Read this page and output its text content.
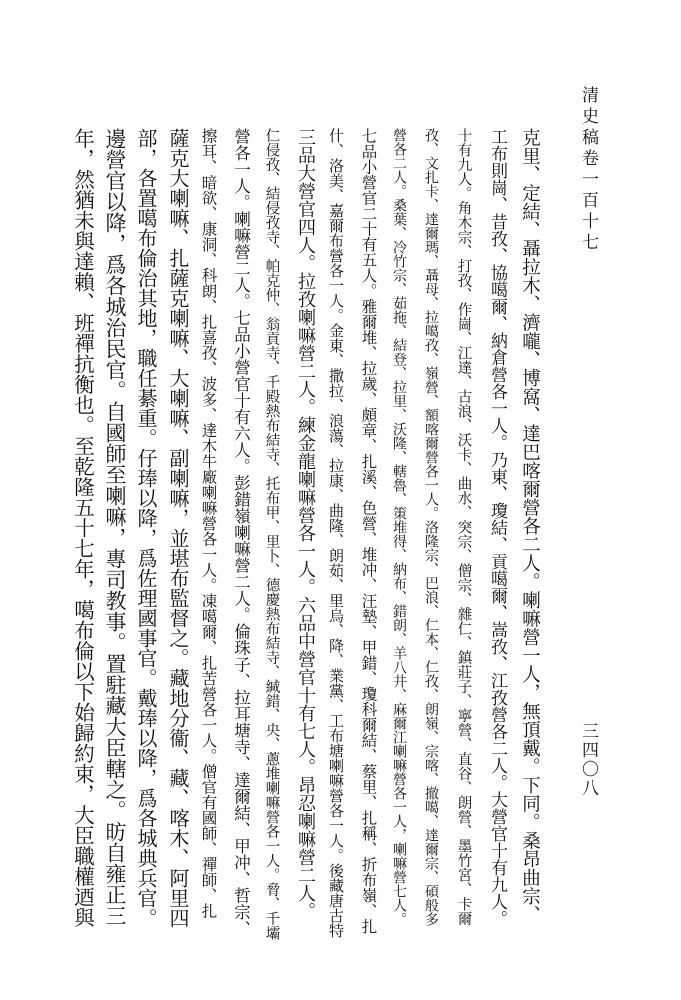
清史稿卷一百十七
三四〇八
克里、定結、聶拉木、濟嚨、博窩、達巴喀爾營各二人。喇嘛營一人，無頂戴。下同。桑昂曲宗、
工布則崗、昔孜、協噶爾、納倉營各一人。乃東、瓊結、貢噶爾、嵩孜、江孜營各二人。大營官十有九人。
十有九人。角木宗、打孜、作崗、江達、古浪、沃卡、曲水、突宗、僧宗、雜仁、鎮莊子、寧營、直谷、朗營、墨竹宮、卡爾
孜、文扎卡、達爾瑪、聶母、拉噶孜、嶺營、額喀爾營各一人。洛隆宗、巴浪、仁本、仁孜、朗嶺、宗喀、撤噶、達爾宗、碩般多
營各二人。桑葉、冷竹宗、茹拖、結登、拉里、沃隆、轄魯、策堆得、納布、錯朗、羊八井、麻爾江喇嘛營各一人，喇嘛營七人。
七品小營官二十有五人。雅爾堆、拉歲、頗章、扎溪、色營、堆冲、汪墊、甲錯、瓊科爾結、蔡里、扎稱、折布嶺、扎
什、洛美、嘉爾布營各一人。金東、撒拉、浪蕩、拉康、曲隆、朗茹、里烏、降、業黨、工布塘喇嘛營各一人。後藏唐古特
三品大營官四人。拉孜喇嘛營二人。練金龍喇嘛營各一人。六品中營官十有七人。昂忍喇嘛營二人。
仁侵孜、結侵孜寺、帕克仲、翁貢寺、千殿熱布結寺、托布甲、里卜、德慶熱布結寺、緘錯、央、蔥堆喇嘛營各一人。脅、千壩
營各一人。喇嘛營二人。七品小營官十有六人。彭錯嶺喇嘛營二人。倫珠子、拉耳塘寺、達爾結、甲冲、哲宗、
擦耳、暗欲、康洞、科朗、扎喜孜、波多、達木牛廠喇嘛營各一人。凍噶爾、扎苦營各一人。僧官有國師、禪師、扎
薩克大喇嘛、扎薩克喇嘛、大喇嘛、副喇嘛，並堪布監督之。藏地分衞、藏、喀木、阿里四
部，各置噶布倫治其地，職任綦重。仔琫以降，爲佐理國事官。戴琫以降，爲各城典兵官。
邊營官以降，爲各城治民官。自國師至喇嘛，專司教事。置駐藏大臣轄之。昉自雍正三
年，然猶未與達賴、班禪抗衡也。至乾隆五十七年，噶布倫以下始歸約束，大臣職權迺與
